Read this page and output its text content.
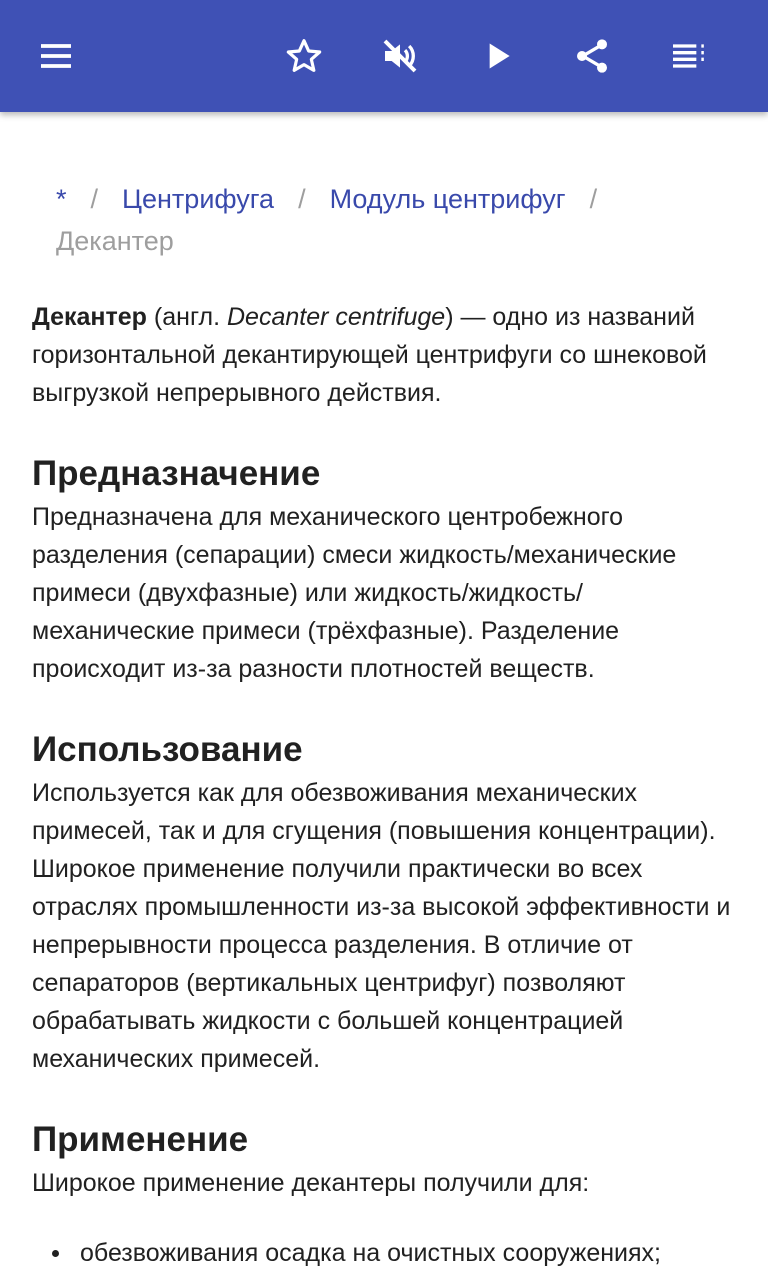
* / Центрифуга / Модуль центрифуг /Декантер

Декантер (англ. Decanter centrifuge) — одно из названий горизонтальной декантирующей центрифуги со шнековой выгрузкой непрерывного действия.

Предназначение

Предназначена для механического центробежного разделения (сепарации) смеси жидкость/механические примеси (двухфазные) или жидкость/жидкость/механические примеси (трёхфазные). Разделение происходит из-за разности плотностей веществ.

Использование

Используется как для обезвоживания механических примесей, так и для сгущения (повышения концентрации). Широкое применение получили практически во всех отраслях промышленности из-за высокой эффективности и непрерывности процесса разделения. В отличие от сепараторов (вертикальных центрифуг) позволяют обрабатывать жидкости с большей концентрацией механических примесей.

Применение

Широкое применение декантеры получили для:

обезвоживания осадка на очистных сооружениях;
